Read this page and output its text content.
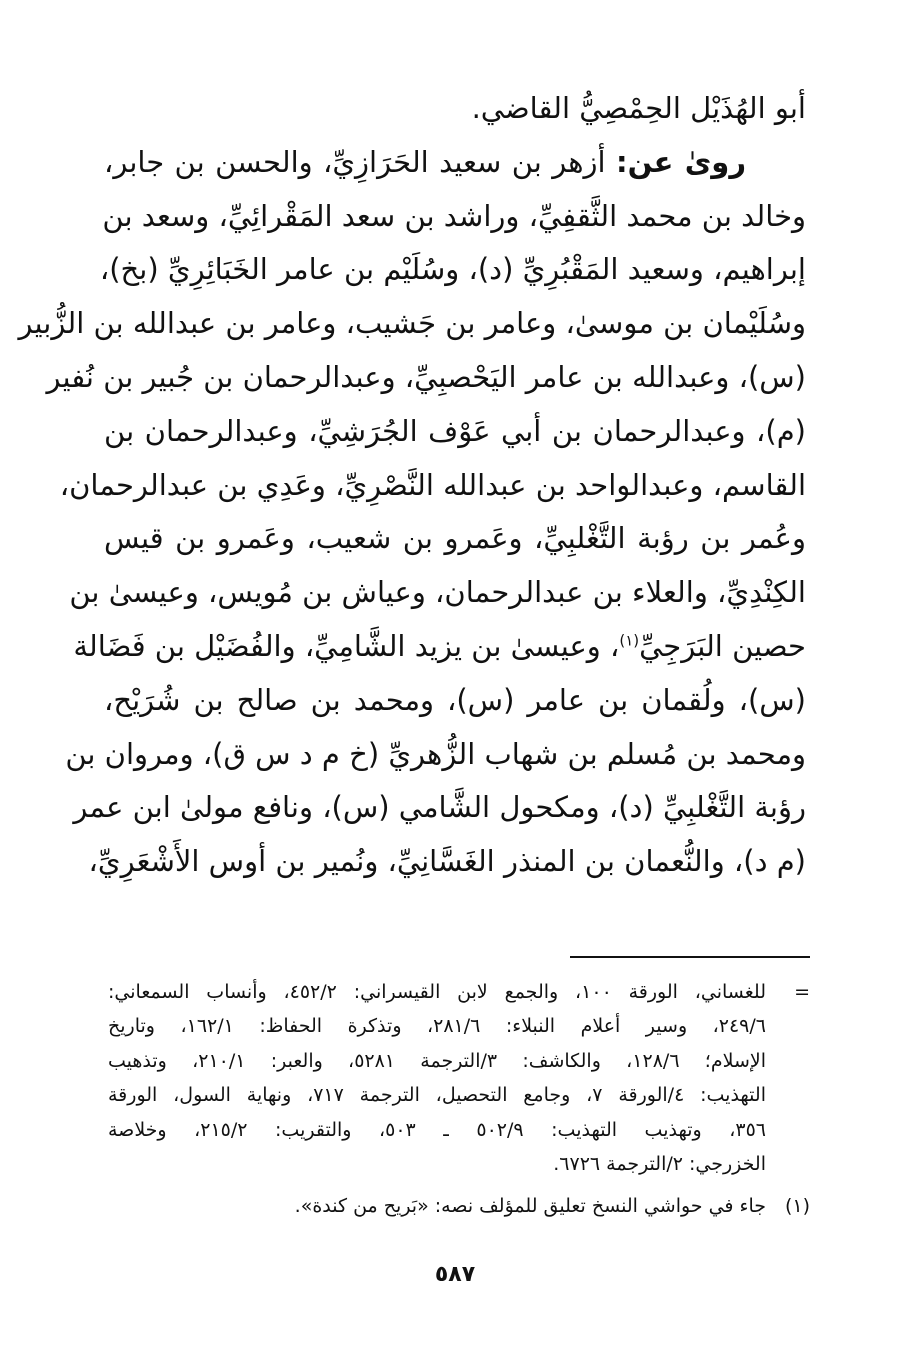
أبو الهُذَيْل الحِمْصِيُّ القاضي.
روىٰ عن: أزهر بن سعيد الحَرَازِيِّ، والحسن بن جابر،
وخالد بن محمد الثَّقفِيِّ، وراشد بن سعد المَقْرائِيِّ، وسعد بن
إبراهيم، وسعيد المَقْبُرِيِّ (د)، وسُلَيْم بن عامر الخَبَائِرِيِّ (بخ)،
وسُلَيْمان بن موسىٰ، وعامر بن جَشيب، وعامر بن عبدالله بن الزُّبير
(س)، وعبدالله بن عامر اليَحْصبِيِّ، وعبدالرحمان بن جُبير بن نُفير
(م)، وعبدالرحمان بن أبي عَوْف الجُرَشِيِّ، وعبدالرحمان بن
القاسم، وعبدالواحد بن عبدالله النَّصْرِيِّ، وعَدِي بن عبدالرحمان،
وعُمر بن رؤبة التَّغْلبِيِّ، وعَمرو بن شعيب، وعَمرو بن قيس
الكِنْدِيِّ، والعلاء بن عبدالرحمان، وعياش بن مُويس، وعيسىٰ بن
حصين البَرَجِيِّ$^{(١)}$، وعيسىٰ بن يزيد الشَّامِيِّ، والفُضَيْل بن فَضَالة
(س)، ولُقمان بن عامر (س)، ومحمد بن صالح بن شُرَيْح،
ومحمد بن مُسلم بن شهاب الزُّهريِّ (خ م د س ق)، ومروان بن
رؤبة التَّغْلبِيِّ (د)، ومكحول الشَّامي (س)، ونافع مولىٰ ابن عمر
(م د)، والنُّعمان بن المنذر الغَسَّانِيِّ، ونُمير بن أوس الأَشْعَرِيِّ،
=
للغساني، الورقة ١٠٠، والجمع لابن القيسراني: ٤٥٢/٢، وأنساب السمعاني:
٢٤٩/٦، وسير أعلام النبلاء: ٢٨١/٦، وتذكرة الحفاظ: ١٦٢/١، وتاريخ
الإسلام؛ ١٢٨/٦، والكاشف: ٣/الترجمة ٥٢٨١، والعبر: ٢١٠/١، وتذهيب
التهذيب: ٤/الورقة ٧، وجامع التحصيل، الترجمة ٧١٧، ونهاية السول، الورقة
٣٥٦، وتهذيب التهذيب: ٥٠٢/٩ ـ ٥٠٣، والتقريب: ٢١٥/٢، وخلاصة
الخزرجي: ٢/الترجمة ٦٧٢٦.
(١)
جاء في حواشي النسخ تعليق للمؤلف نصه: «بَريح من كندة».
٥٨٧
